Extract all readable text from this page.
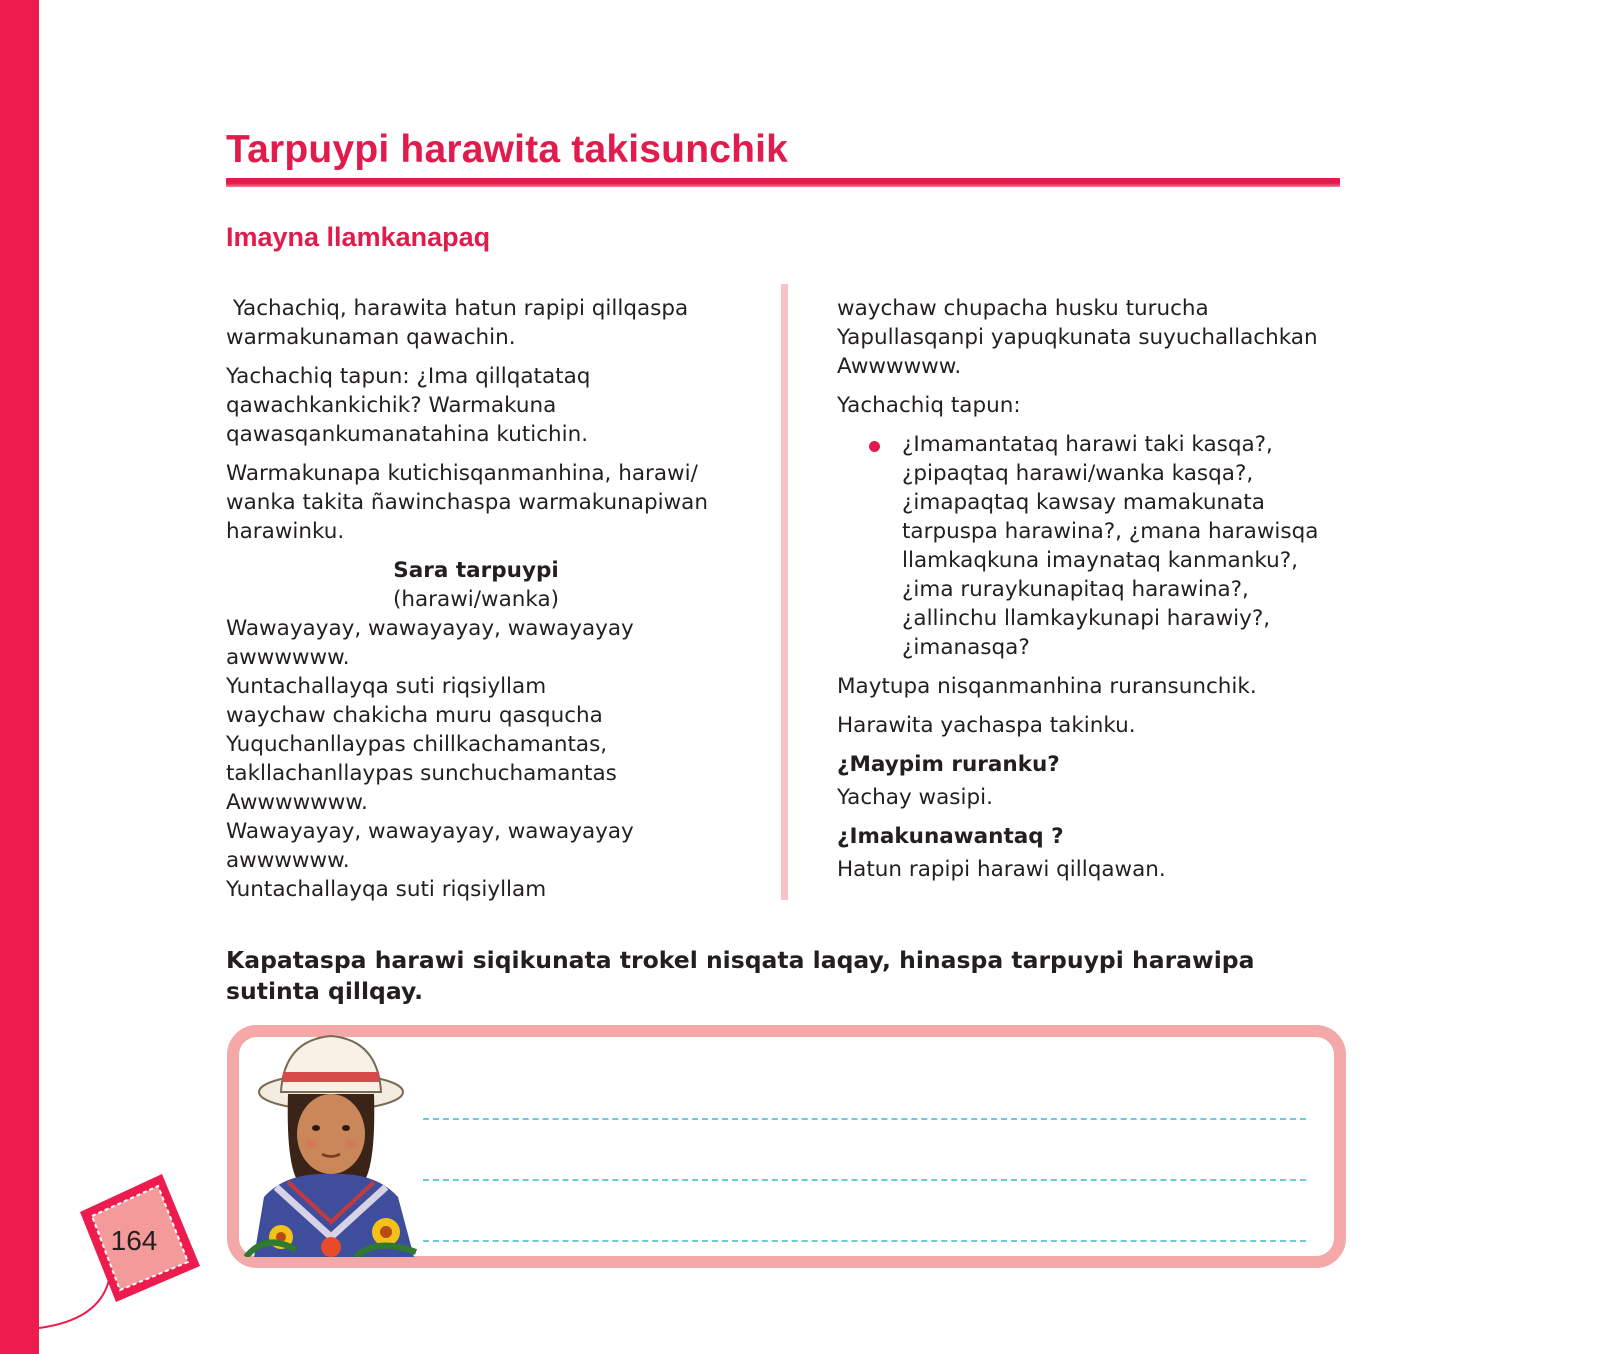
Tarpuypi harawita takisunchik
Imayna llamkanapaq

Yachachiq, harawita hatun rapipi qillqaspa warmakunaman qawachin.

Yachachiq tapun: ¿Ima qillqatataq qawachkankichik? Warmakuna qawasqankumanatahina kutichin.

Warmakunapa kutichisqanmanhina, harawi/ wanka takita ñawinchaspa warmakunapiwan harawinku.

Sara tarpuypi
(harawi/wanka)
Wawayayay, wawayayay, wawayayay
awwwwww.
Yuntachallayqa suti riqsiyllam
waychaw chakicha muru qasqucha
Yuquchanllaypas chillkachamantas,
takllachanllaypas sunchuchamantas
Awwwwwww.
Wawayayay, wawayayay, wawayayay
awwwwww.
Yuntachallayqa suti riqsiyllam

waychaw chupacha husku turucha
Yapullasqanpi yapuqkunata suyuchallachkan
Awwwwww.

Yachachiq tapun:

¿Imamantataq harawi taki kasqa?,
¿pipaqtaq harawi/wanka kasqa?,
¿imapaqtaq kawsay mamakunata
tarpuspa harawina?, ¿mana harawisqa
llamkaqkuna imaynataq kanmanku?,
¿ima ruraykunapitaq harawina?,
¿allinchu llamkaykunapi harawiy?,
¿imanasqa?

Maytupa nisqanmanhina ruransunchik.

Harawita yachaspa takinku.

¿Maypim ruranku?

Yachay wasipi.

¿Imakunawantaq ?

Hatun rapipi harawi qillqawan.

Kapataspa harawi siqikunata trokel nisqata laqay, hinaspa tarpuypi harawipa sutinta qillqay.

164
